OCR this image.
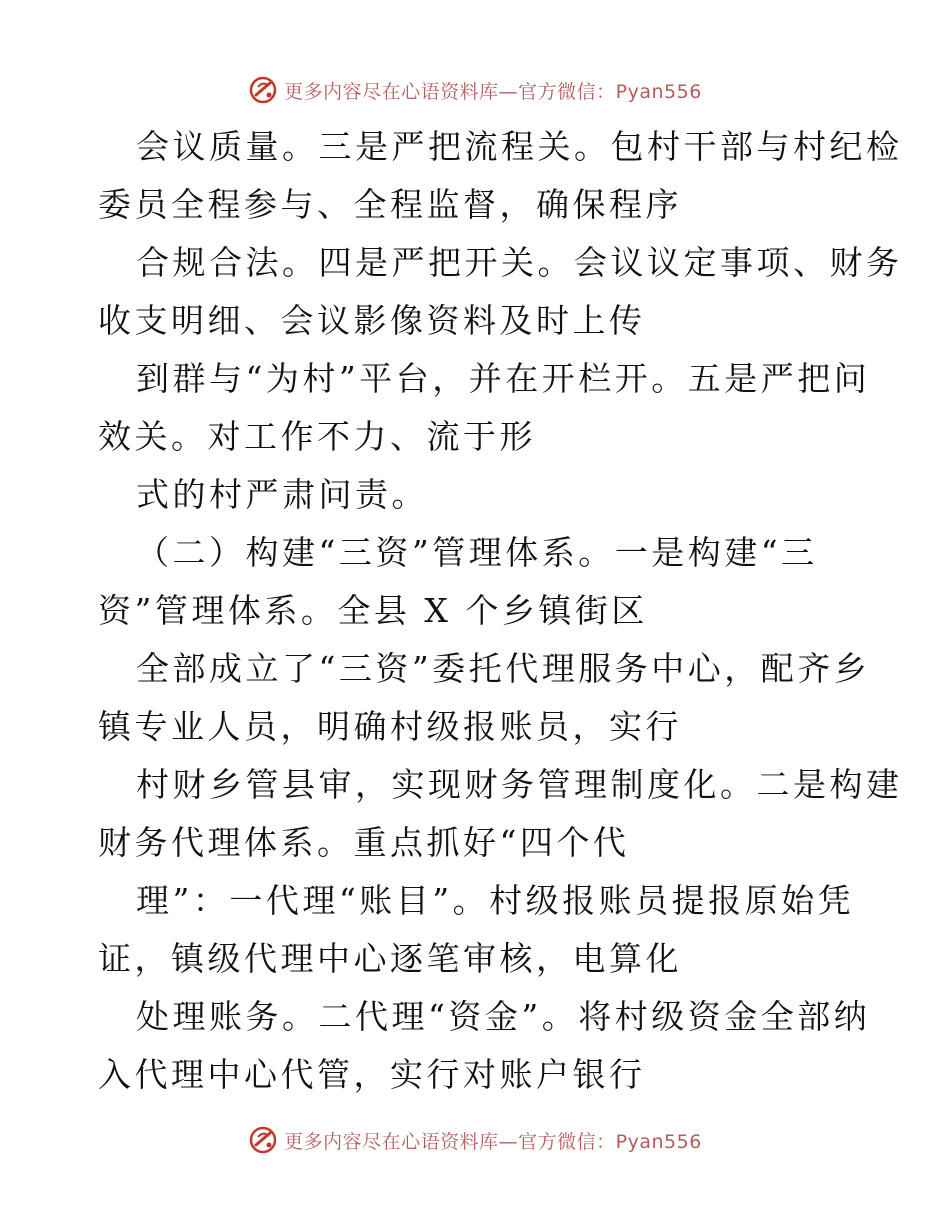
更多内容尽在心语资料库—官方微信：Pyan556

会议质量。三是严把流程关。包村干部与村纪检
委员全程参与、全程监督，确保程序

合规合法。四是严把开关。会议议定事项、财务
收支明细、会议影像资料及时上传

到群与“为村”平台，并在开栏开。五是严把问
效关。对工作不力、流于形

式的村严肃问责。

（二）构建“三资”管理体系。一是构建“三
资”管理体系。全县 X 个乡镇街区

全部成立了“三资”委托代理服务中心，配齐乡
镇专业人员，明确村级报账员，实行

村财乡管县审，实现财务管理制度化。二是构建
财务代理体系。重点抓好“四个代

理”：一代理“账目”。村级报账员提报原始凭
证，镇级代理中心逐笔审核，电算化

处理账务。二代理“资金”。将村级资金全部纳
入代理中心代管，实行对账户银行

更多内容尽在心语资料库—官方微信：Pyan556
